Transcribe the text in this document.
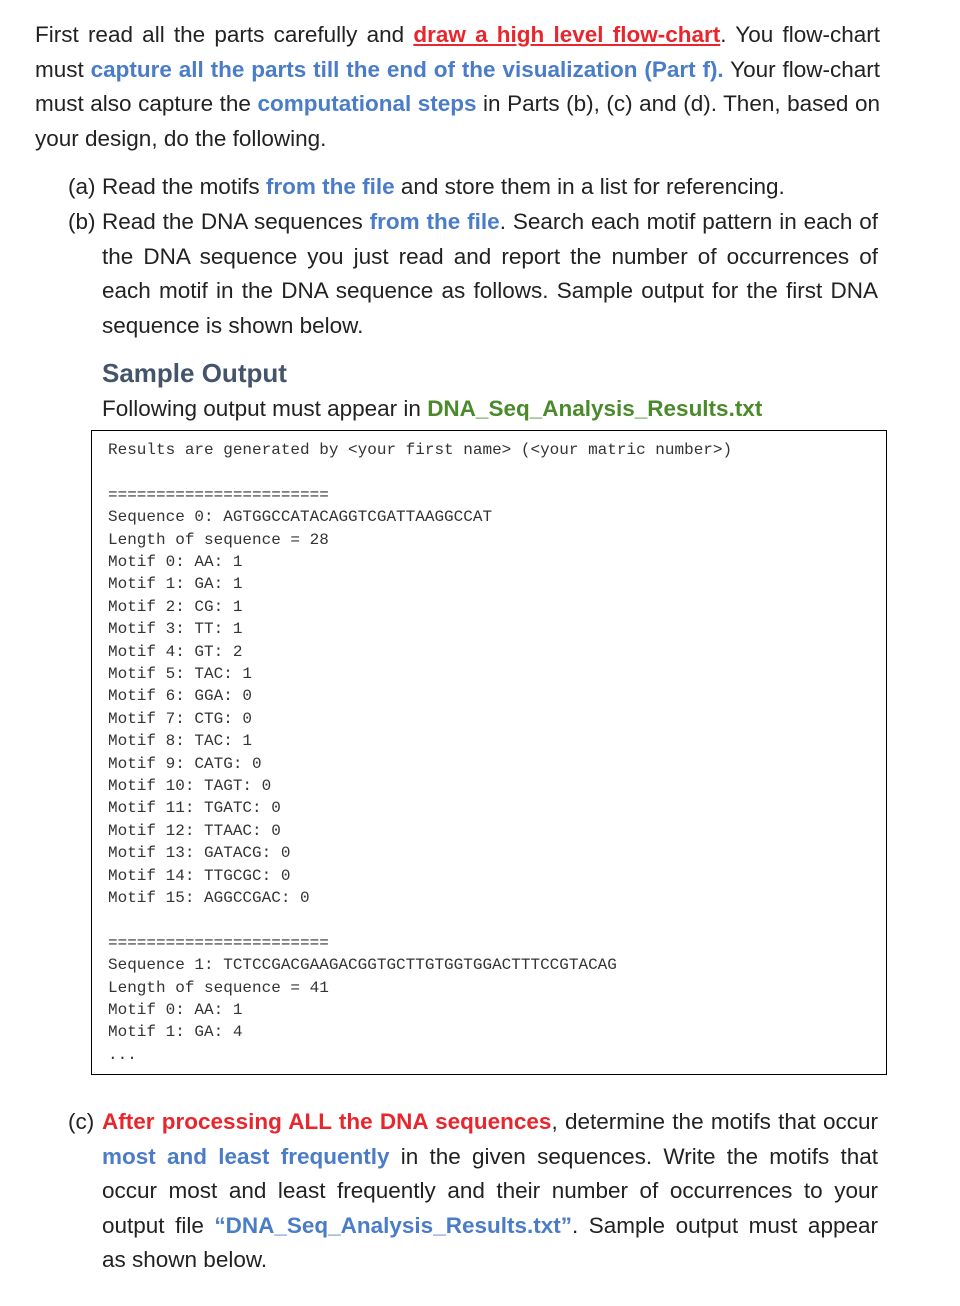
First read all the parts carefully and draw a high level flow-chart. You flow-chart must capture all the parts till the end of the visualization (Part f). Your flow-chart must also capture the computational steps in Parts (b), (c) and (d). Then, based on your design, do the following.
(a) Read the motifs from the file and store them in a list for referencing.
(b) Read the DNA sequences from the file. Search each motif pattern in each of the DNA sequence you just read and report the number of occurrences of each motif in the DNA sequence as follows. Sample output for the first DNA sequence is shown below.
Sample Output
Following output must appear in DNA_Seq_Analysis_Results.txt
Results are generated by <your first name> (<your matric number>)
=======================
Sequence 0: AGTGGCCATACAGGTCGATTAAGGCCAT
Length of sequence = 28
Motif 0: AA: 1
Motif 1: GA: 1
Motif 2: CG: 1
Motif 3: TT: 1
Motif 4: GT: 2
Motif 5: TAC: 1
Motif 6: GGA: 0
Motif 7: CTG: 0
Motif 8: TAC: 1
Motif 9: CATG: 0
Motif 10: TAGT: 0
Motif 11: TGATC: 0
Motif 12: TTAAC: 0
Motif 13: GATACG: 0
Motif 14: TTGCGC: 0
Motif 15: AGGCCGAC: 0
=======================
Sequence 1: TCTCCGACGAAGACGGTGCTTGTGGTGGACTTTCCGTACAG
Length of sequence = 41
Motif 0: AA: 1
Motif 1: GA: 4
...
(c) After processing ALL the DNA sequences, determine the motifs that occur most and least frequently in the given sequences. Write the motifs that occur most and least frequently and their number of occurrences to your output file “DNA_Seq_Analysis_Results.txt”. Sample output must appear as shown below.
